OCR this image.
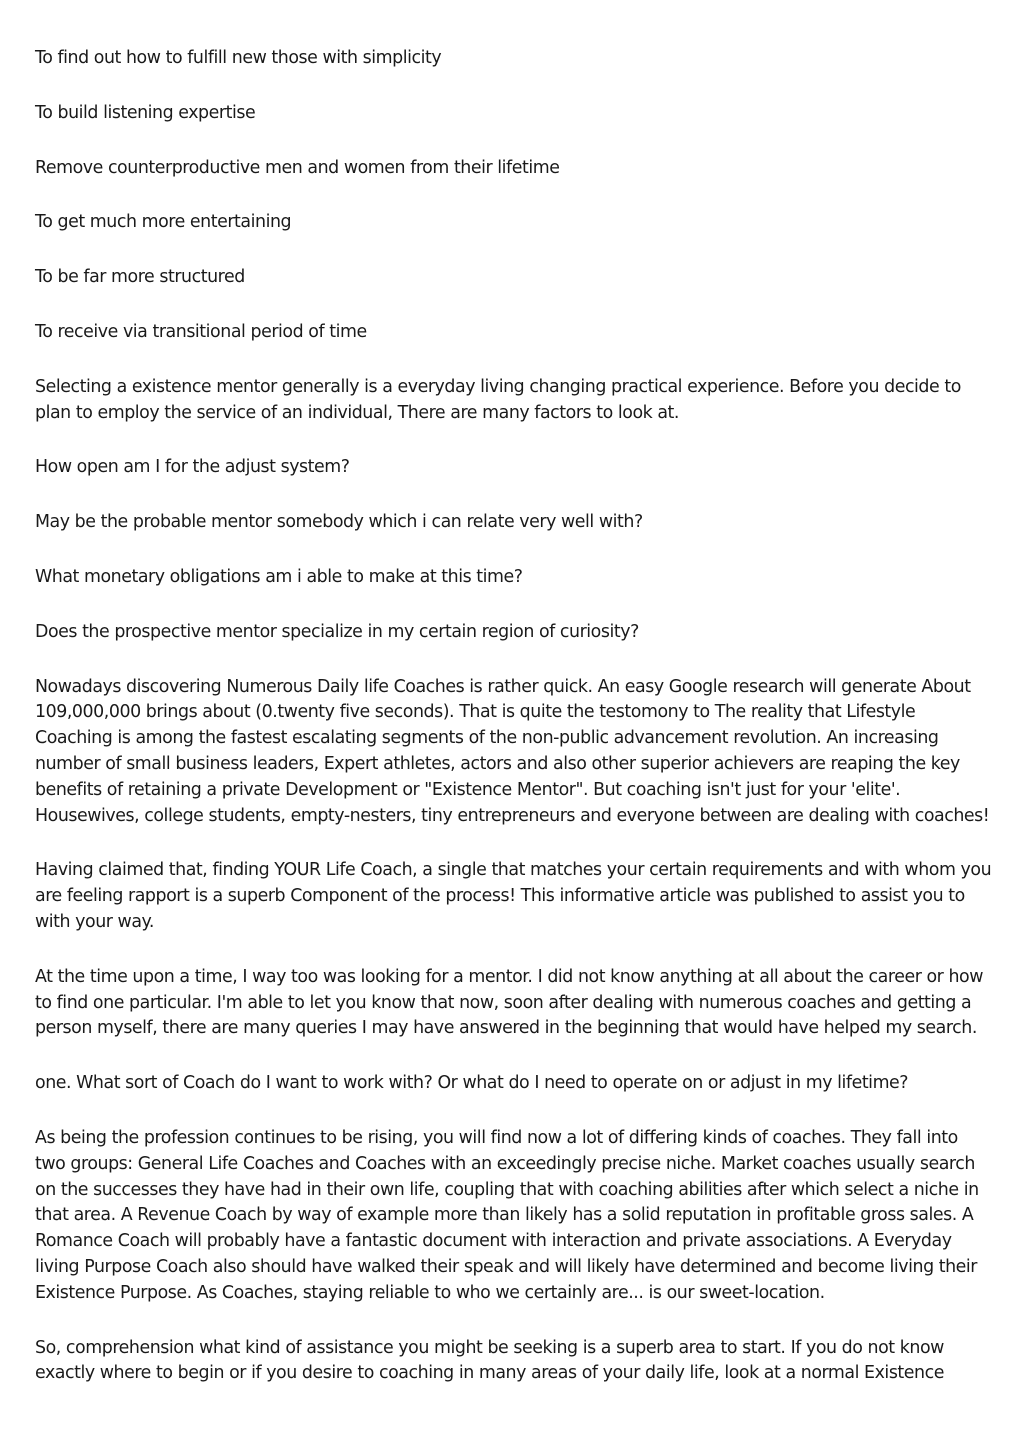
To find out how to fulfill new those with simplicity

To build listening expertise

Remove counterproductive men and women from their lifetime

To get much more entertaining

To be far more structured

To receive via transitional period of time

Selecting a existence mentor generally is a everyday living changing practical experience. Before you decide to plan to employ the service of an individual, There are many factors to look at.

How open am I for the adjust system?

May be the probable mentor somebody which i can relate very well with?

What monetary obligations am i able to make at this time?

Does the prospective mentor specialize in my certain region of curiosity?

Nowadays discovering Numerous Daily life Coaches is rather quick. An easy Google research will generate About 109,000,000 brings about (0.twenty five seconds). That is quite the testomony to The reality that Lifestyle Coaching is among the fastest escalating segments of the non-public advancement revolution. An increasing number of small business leaders, Expert athletes, actors and also other superior achievers are reaping the key benefits of retaining a private Development or "Existence Mentor". But coaching isn't just for your 'elite'. Housewives, college students, empty-nesters, tiny entrepreneurs and everyone between are dealing with coaches!

Having claimed that, finding YOUR Life Coach, a single that matches your certain requirements and with whom you are feeling rapport is a superb Component of the process! This informative article was published to assist you to with your way.

At the time upon a time, I way too was looking for a mentor. I did not know anything at all about the career or how to find one particular. I'm able to let you know that now, soon after dealing with numerous coaches and getting a person myself, there are many queries I may have answered in the beginning that would have helped my search.

one. What sort of Coach do I want to work with? Or what do I need to operate on or adjust in my lifetime?

As being the profession continues to be rising, you will find now a lot of differing kinds of coaches. They fall into two groups: General Life Coaches and Coaches with an exceedingly precise niche. Market coaches usually search on the successes they have had in their own life, coupling that with coaching abilities after which select a niche in that area. A Revenue Coach by way of example more than likely has a solid reputation in profitable gross sales. A Romance Coach will probably have a fantastic document with interaction and private associations. A Everyday living Purpose Coach also should have walked their speak and will likely have determined and become living their Existence Purpose. As Coaches, staying reliable to who we certainly are... is our sweet-location.

So, comprehension what kind of assistance you might be seeking is a superb area to start. If you do not know exactly where to begin or if you desire to coaching in many areas of your daily life, look at a normal Existence
